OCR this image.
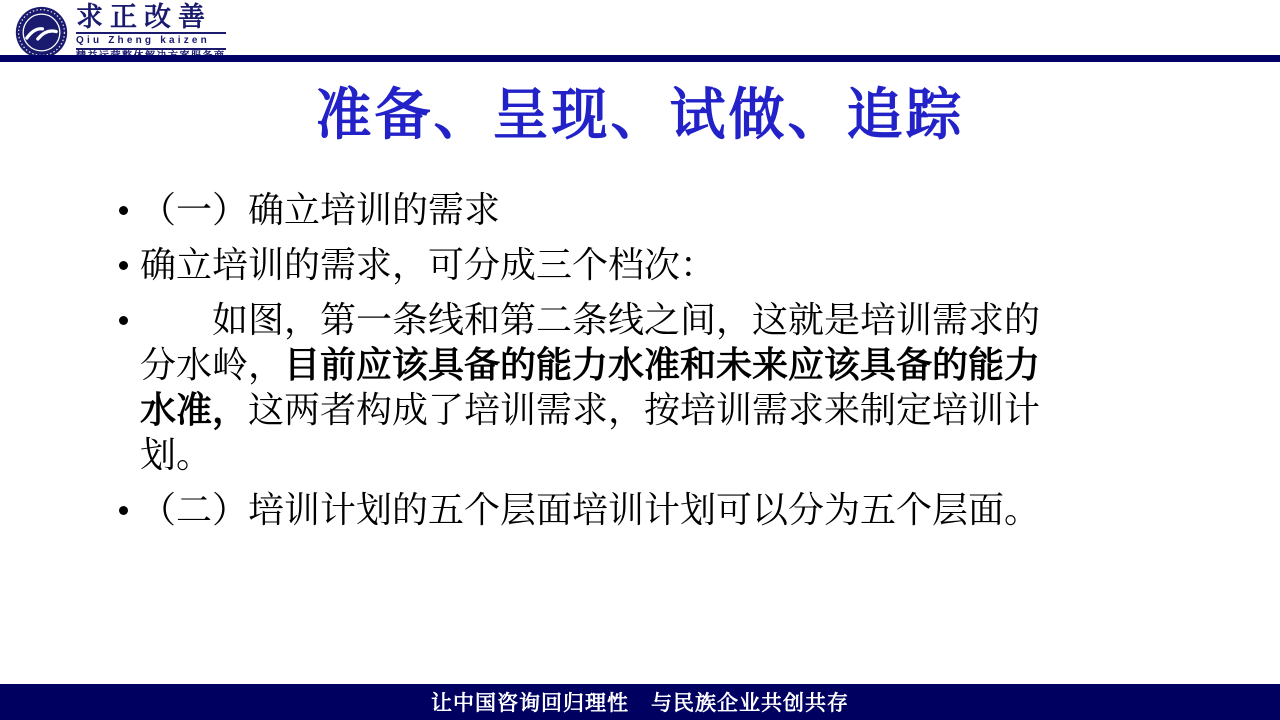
求正改善
Qiu Zheng kaizen
准备、呈现、试做、追踪
（一）确立培训的需求
确立培训的需求，可分成三个档次：
如图，第一条线和第二条线之间，这就是培训需求的分水岭，目前应该具备的能力水准和未来应该具备的能力水准，这两者构成了培训需求，按培训需求来制定培训计划。
（二）培训计划的五个层面培训计划可以分为五个层面。
让中国咨询回归理性　与民族企业共创共存
